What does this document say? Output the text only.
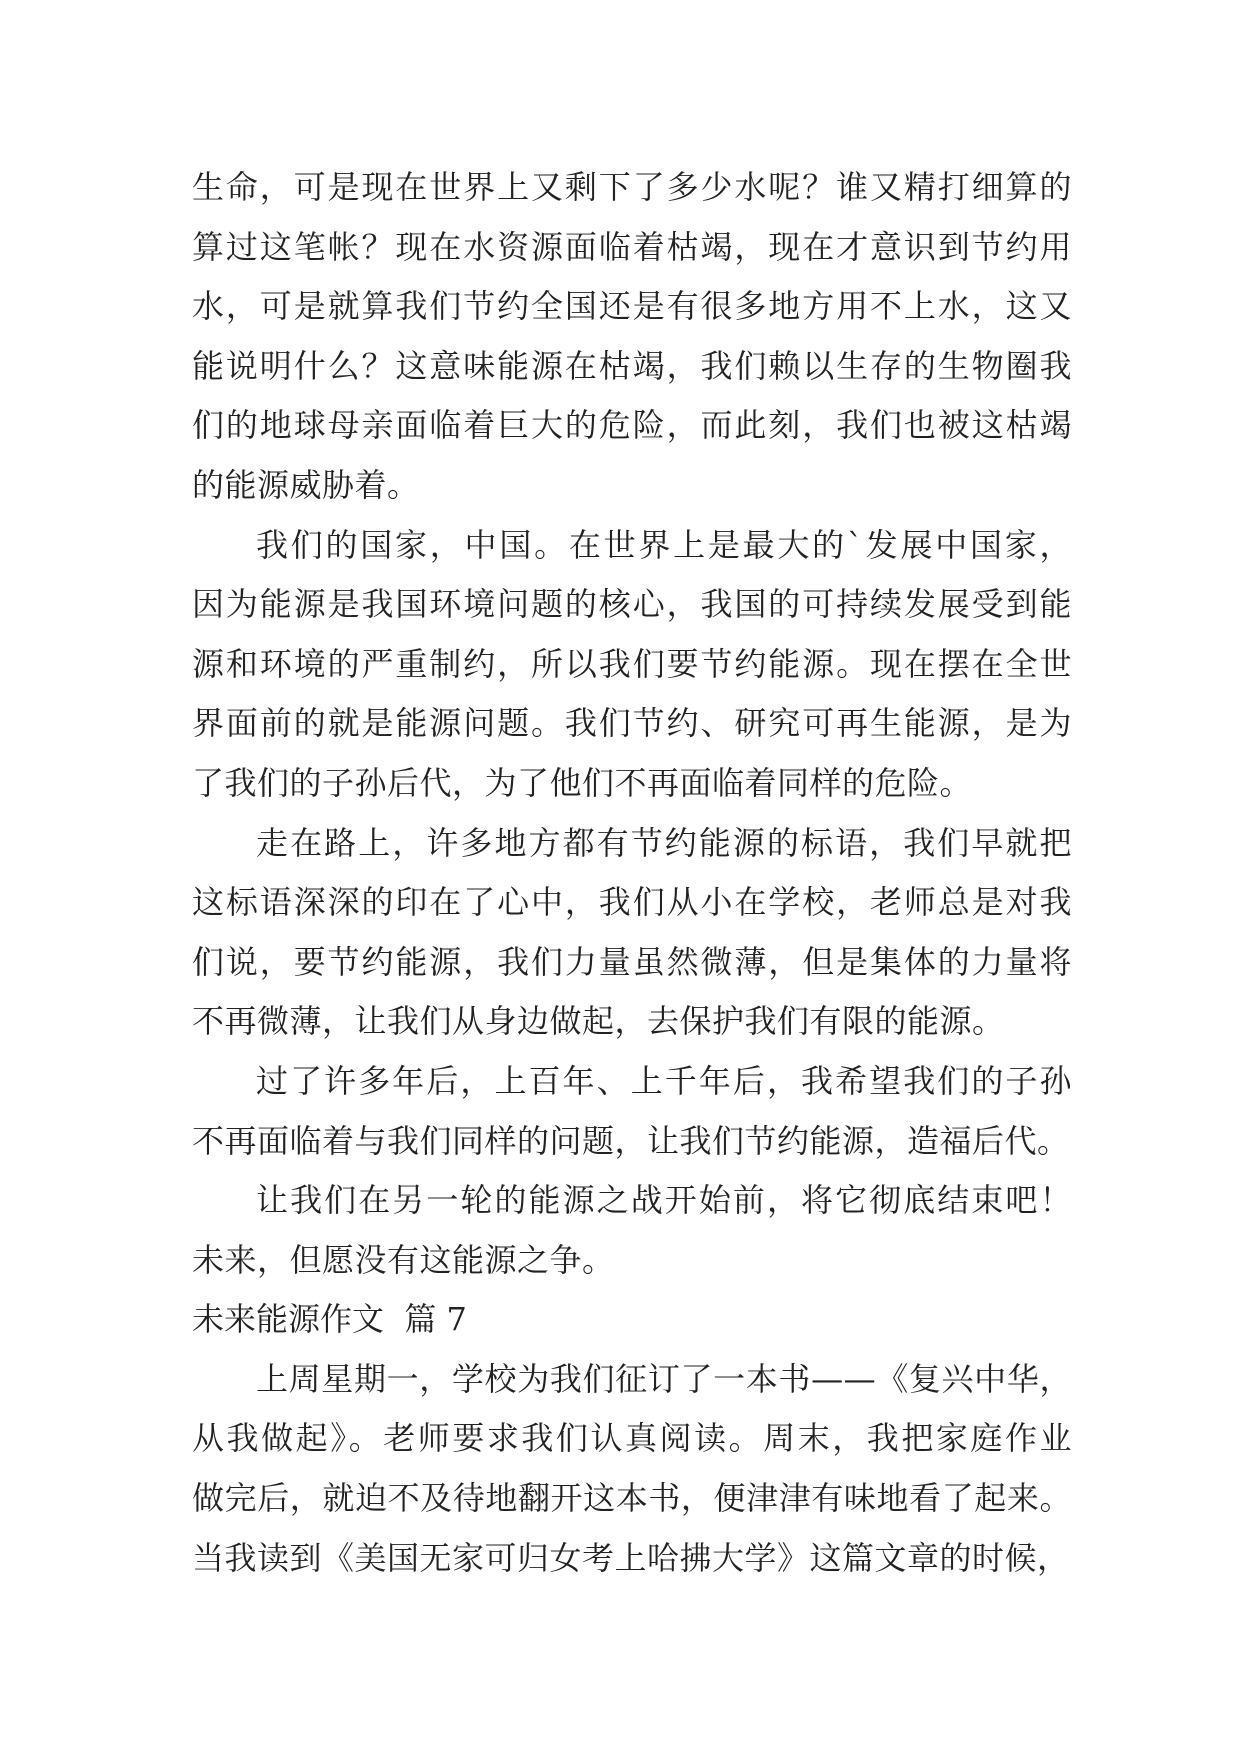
生命，可是现在世界上又剩下了多少水呢？谁又精打细算的
算过这笔帐？现在水资源面临着枯竭，现在才意识到节约用
水，可是就算我们节约全国还是有很多地方用不上水，这又
能说明什么？这意味能源在枯竭，我们赖以生存的生物圈我
们的地球母亲面临着巨大的危险，而此刻，我们也被这枯竭
的能源威胁着。
我们的国家，中国。在世界上是最大的`发展中国家，
因为能源是我国环境问题的核心，我国的可持续发展受到能
源和环境的严重制约，所以我们要节约能源。现在摆在全世
界面前的就是能源问题。我们节约、研究可再生能源，是为
了我们的子孙后代，为了他们不再面临着同样的危险。
走在路上，许多地方都有节约能源的标语，我们早就把
这标语深深的印在了心中，我们从小在学校，老师总是对我
们说，要节约能源，我们力量虽然微薄，但是集体的力量将
不再微薄，让我们从身边做起，去保护我们有限的能源。
过了许多年后，上百年、上千年后，我希望我们的子孙
不再面临着与我们同样的问题，让我们节约能源，造福后代。
让我们在另一轮的能源之战开始前，将它彻底结束吧！
未来，但愿没有这能源之争。
未来能源作文  篇 7
上周星期一，学校为我们征订了一本书——《复兴中华，
从我做起》。老师要求我们认真阅读。周末，我把家庭作业
做完后，就迫不及待地翻开这本书，便津津有味地看了起来。
当我读到《美国无家可归女考上哈拂大学》这篇文章的时候，
